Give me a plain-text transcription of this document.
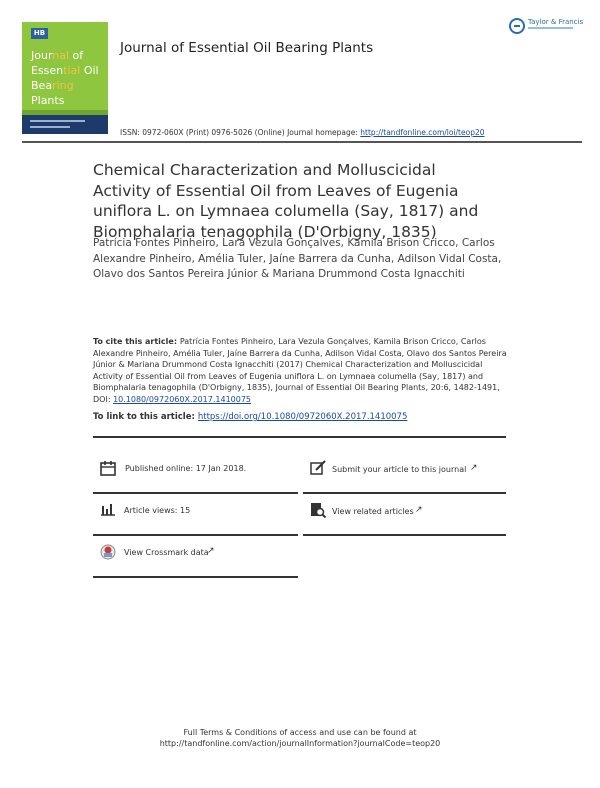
HB
Journal of
Essential Oil
Bearing Plants
Taylor & Francis
Journal of Essential Oil Bearing Plants
ISSN: 0972-060X (Print) 0976-5026 (Online) Journal homepage: http://tandfonline.com/loi/teop20
Chemical Characterization and Molluscicidal Activity of Essential Oil from Leaves of Eugenia uniflora L. on Lymnaea columella (Say, 1817) and Biomphalaria tenagophila (D'Orbigny, 1835)
Patrícia Fontes Pinheiro, Lara Vezula Gonçalves, Kamila Brison Cricco, Carlos Alexandre Pinheiro, Amélia Tuler, Jaíne Barrera da Cunha, Adilson Vidal Costa, Olavo dos Santos Pereira Júnior & Mariana Drummond Costa Ignacchiti
To cite this article: Patrícia Fontes Pinheiro, Lara Vezula Gonçalves, Kamila Brison Cricco, Carlos Alexandre Pinheiro, Amélia Tuler, Jaíne Barrera da Cunha, Adilson Vidal Costa, Olavo dos Santos Pereira Júnior & Mariana Drummond Costa Ignacchiti (2017) Chemical Characterization and Molluscicidal Activity of Essential Oil from Leaves of Eugenia uniflora L. on Lymnaea columella (Say, 1817) and Biomphalaria tenagophila (D'Orbigny, 1835), Journal of Essential Oil Bearing Plants, 20:6, 1482-1491, DOI: 10.1080/0972060X.2017.1410075
To link to this article: https://doi.org/10.1080/0972060X.2017.1410075
Published online: 17 Jan 2018.	Submit your article to this journal ↗
Article views: 15	View related articles ↗
View Crossmark data
↗
Full Terms & Conditions of access and use can be found at
http://tandfonline.com/action/journalInformation?journalCode=teop20
